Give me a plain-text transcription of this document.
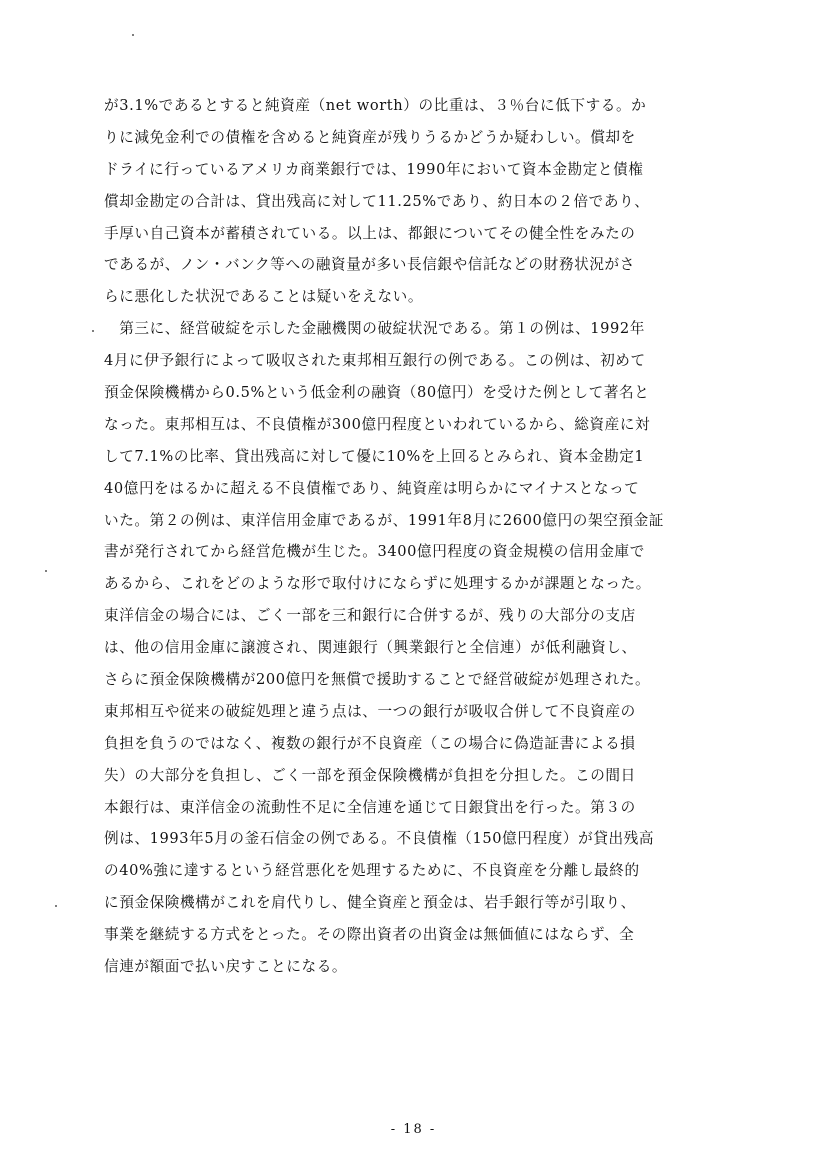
が3.1%であるとすると純資産（net worth）の比重は、３％台に低下する。か
りに減免金利での債権を含めると純資産が残りうるかどうか疑わしい。償却を
ドライに行っているアメリカ商業銀行では、1990年において資本金勘定と債権
償却金勘定の合計は、貸出残高に対して11.25%であり、約日本の２倍であり、
手厚い自己資本が蓄積されている。以上は、都銀についてその健全性をみたの
であるが、ノン・バンク等への融資量が多い長信銀や信託などの財務状況がさ
らに悪化した状況であることは疑いをえない。
　第三に、経営破綻を示した金融機関の破綻状況である。第１の例は、1992年
4月に伊予銀行によって吸収された東邦相互銀行の例である。この例は、初めて
預金保険機構から0.5%という低金利の融資（80億円）を受けた例として著名と
なった。東邦相互は、不良債権が300億円程度といわれているから、総資産に対
して7.1%の比率、貸出残高に対して優に10%を上回るとみられ、資本金勘定1
40億円をはるかに超える不良債権であり、純資産は明らかにマイナスとなって
いた。第２の例は、東洋信用金庫であるが、1991年8月に2600億円の架空預金証
書が発行されてから経営危機が生じた。3400億円程度の資金規模の信用金庫で
あるから、これをどのような形で取付けにならずに処理するかが課題となった。
東洋信金の場合には、ごく一部を三和銀行に合併するが、残りの大部分の支店
は、他の信用金庫に譲渡され、関連銀行（興業銀行と全信連）が低利融資し、
さらに預金保険機構が200億円を無償で援助することで経営破綻が処理された。
東邦相互や従来の破綻処理と違う点は、一つの銀行が吸収合併して不良資産の
負担を負うのではなく、複数の銀行が不良資産（この場合に偽造証書による損
失）の大部分を負担し、ごく一部を預金保険機構が負担を分担した。この間日
本銀行は、東洋信金の流動性不足に全信連を通じて日銀貸出を行った。第３の
例は、1993年5月の釜石信金の例である。不良債権（150億円程度）が貸出残高
の40%強に達するという経営悪化を処理するために、不良資産を分離し最終的
に預金保険機構がこれを肩代りし、健全資産と預金は、岩手銀行等が引取り、
事業を継続する方式をとった。その際出資者の出資金は無価値にはならず、全
信連が額面で払い戻すことになる。
- 18 -
